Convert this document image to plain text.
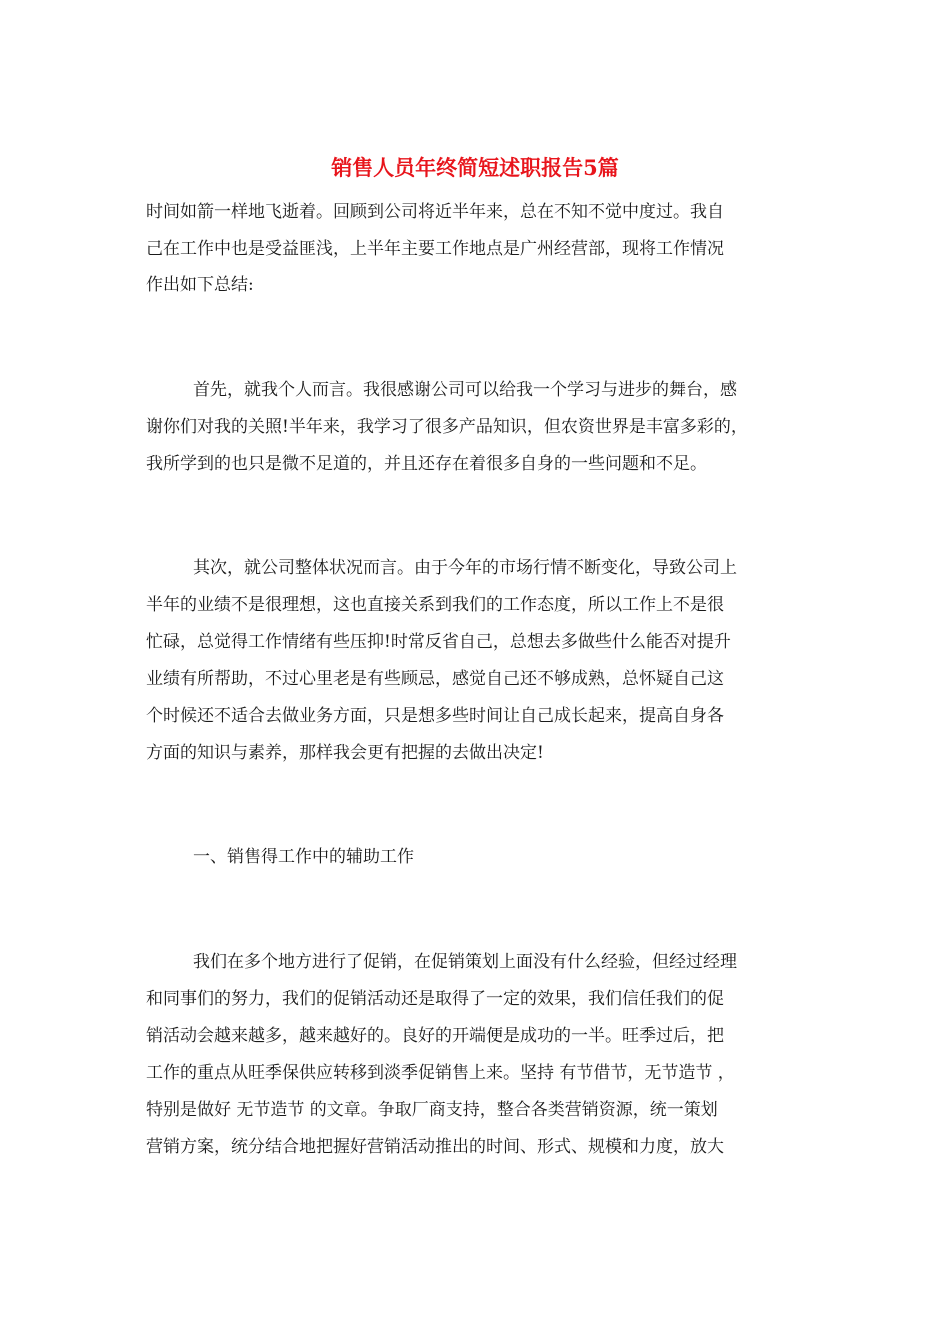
销售人员年终简短述职报告5篇

时间如箭一样地飞逝着。回顾到公司将近半年来，总在不知不觉中度过。我自

己在工作中也是受益匪浅，上半年主要工作地点是广州经营部，现将工作情况

作出如下总结:

首先，就我个人而言。我很感谢公司可以给我一个学习与进步的舞台，感

谢你们对我的关照!半年来，我学习了很多产品知识，但农资世界是丰富多彩的，

我所学到的也只是微不足道的，并且还存在着很多自身的一些问题和不足。

其次，就公司整体状况而言。由于今年的市场行情不断变化，导致公司上

半年的业绩不是很理想，这也直接关系到我们的工作态度，所以工作上不是很

忙碌，总觉得工作情绪有些压抑!时常反省自己，总想去多做些什么能否对提升

业绩有所帮助，不过心里老是有些顾忌，感觉自己还不够成熟，总怀疑自己这

个时候还不适合去做业务方面，只是想多些时间让自己成长起来，提高自身各

方面的知识与素养，那样我会更有把握的去做出决定!

一、销售得工作中的辅助工作

我们在多个地方进行了促销，在促销策划上面没有什么经验，但经过经理

和同事们的努力，我们的促销活动还是取得了一定的效果，我们信任我们的促

销活动会越来越多，越来越好的。良好的开端便是成功的一半。旺季过后，把

工作的重点从旺季保供应转移到淡季促销售上来。坚持 有节借节，无节造节 ，

特别是做好 无节造节 的文章。争取厂商支持，整合各类营销资源，统一策划

营销方案，统分结合地把握好营销活动推出的时间、形式、规模和力度，放大
